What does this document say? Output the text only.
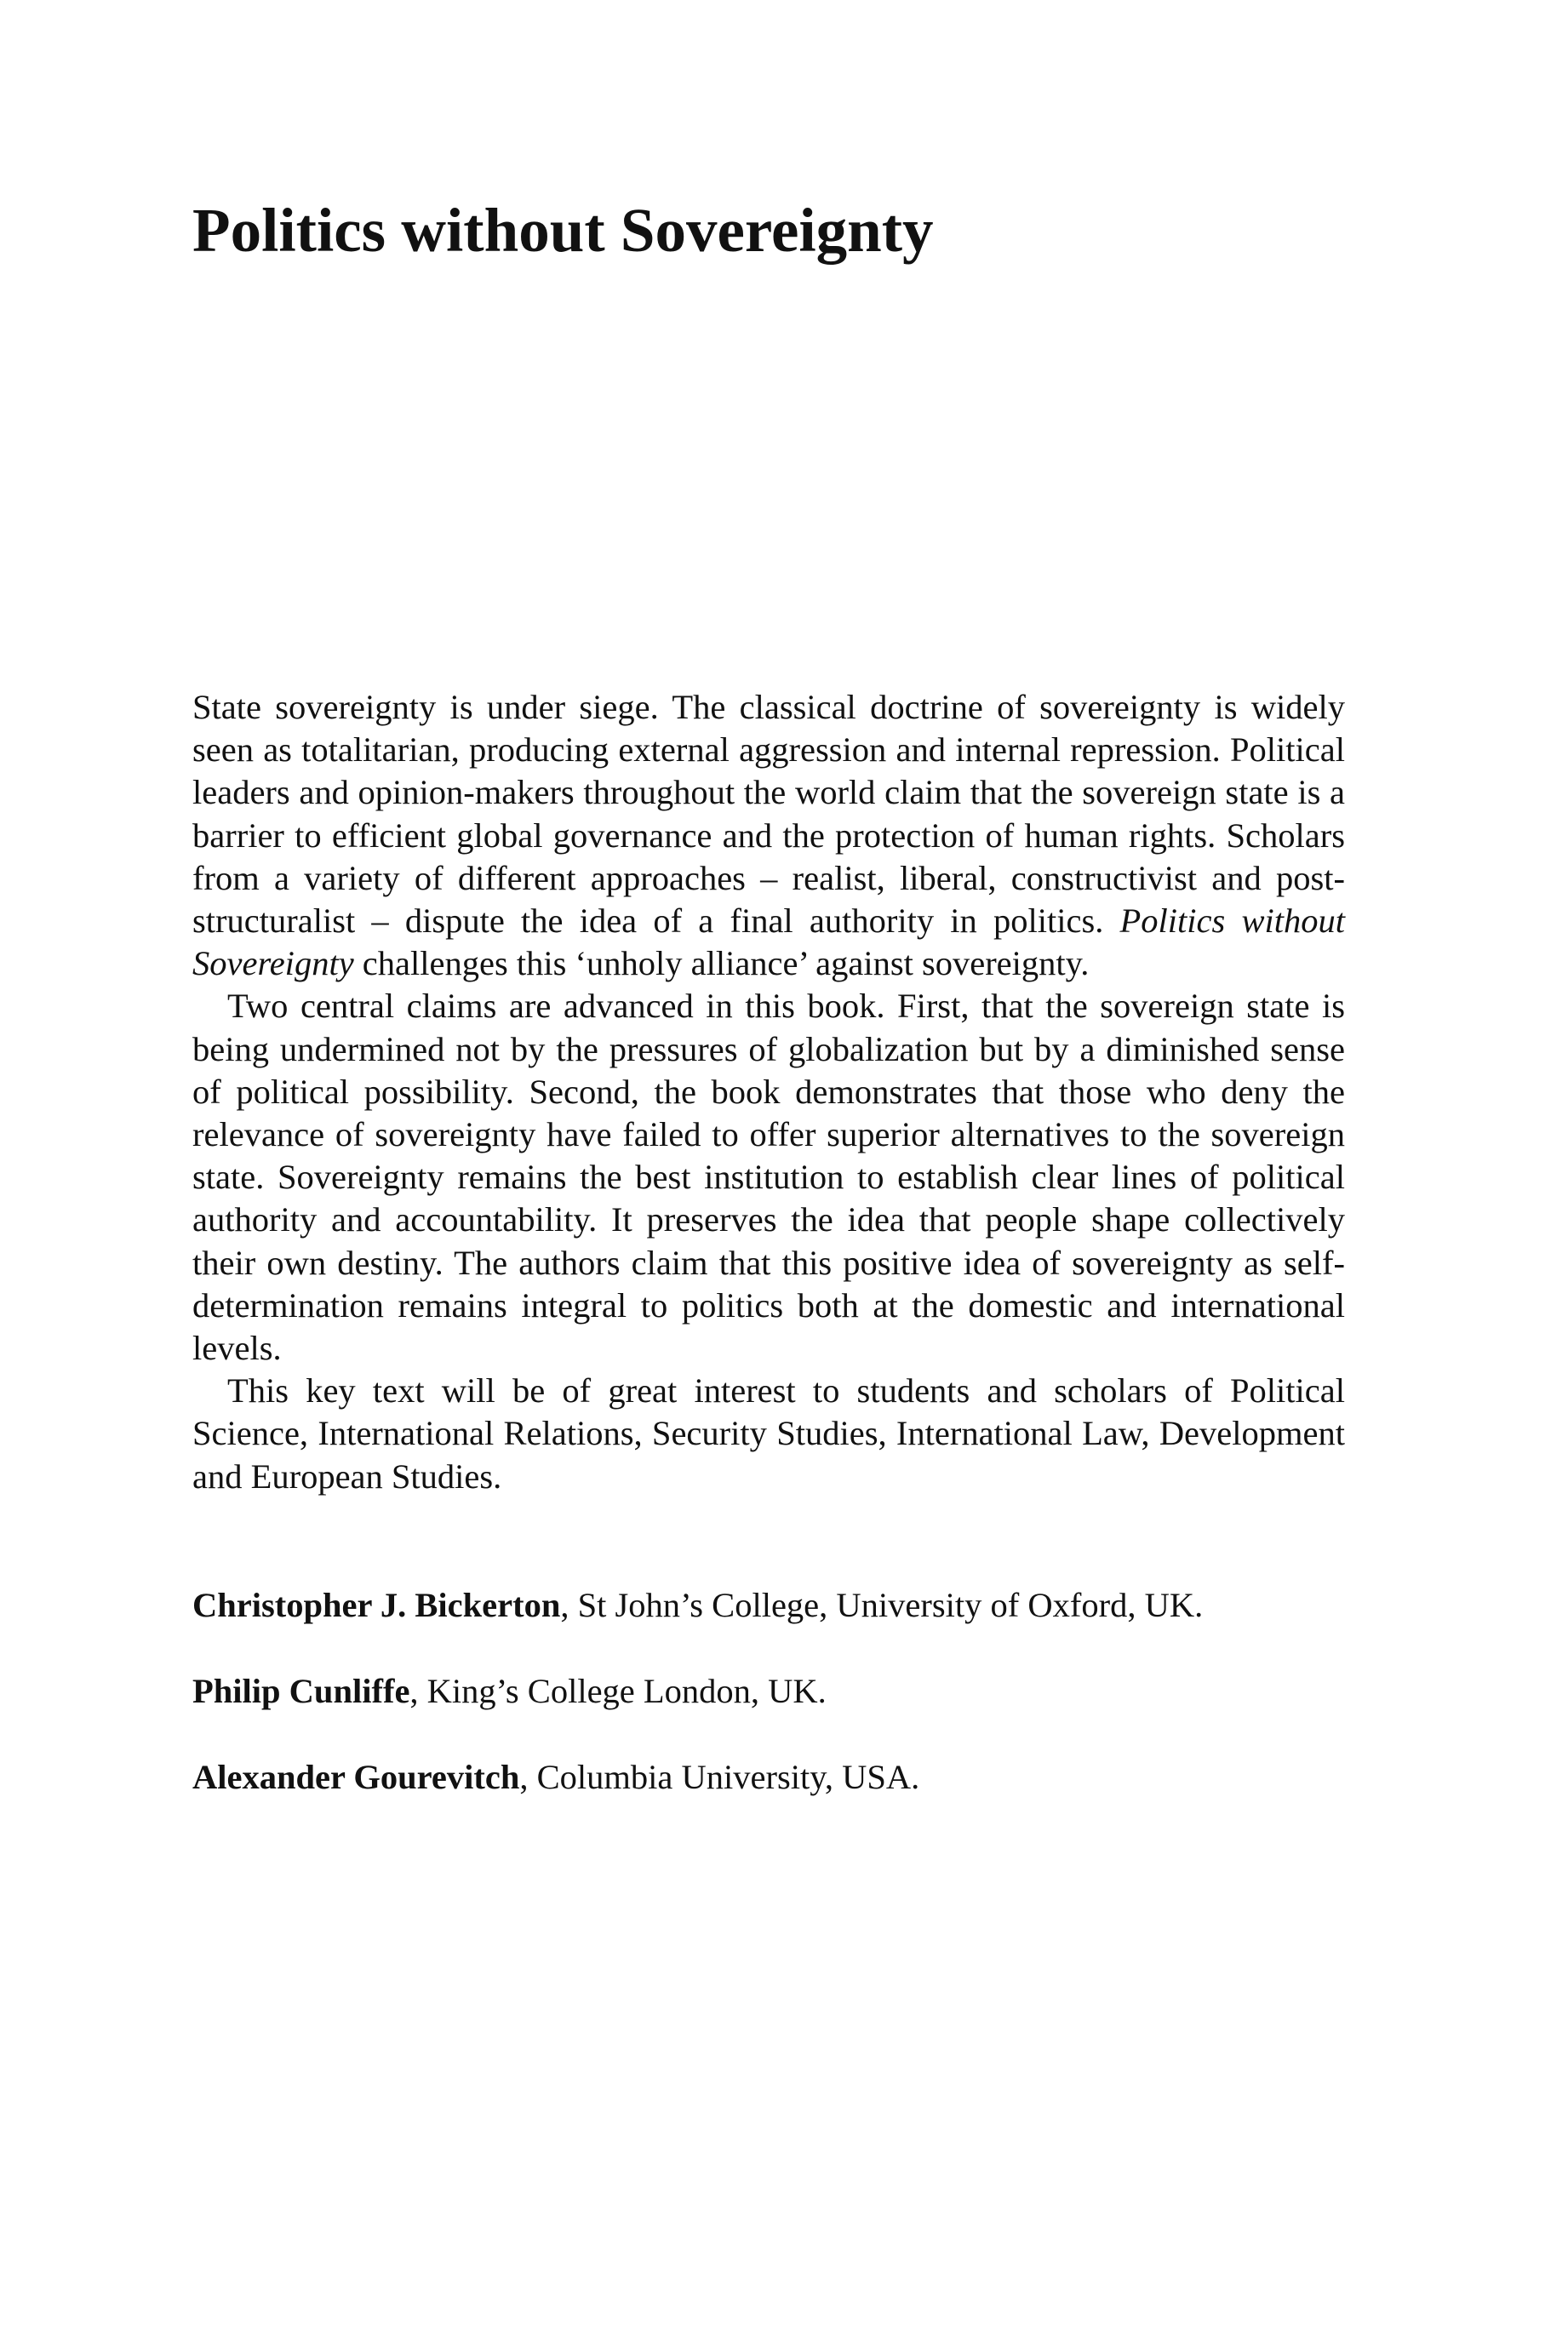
Politics without Sovereignty

State sovereignty is under siege. The classical doctrine of sovereignty is widely seen as totalitarian, producing external aggression and internal repression. Political leaders and opinion-makers throughout the world claim that the sovereign state is a barrier to efficient global governance and the protection of human rights. Scholars from a variety of different approaches – realist, liberal, constructivist and post-structuralist – dispute the idea of a final authority in politics. Politics without Sovereignty challenges this ‘unholy alliance’ against sovereignty.

Two central claims are advanced in this book. First, that the sovereign state is being undermined not by the pressures of globalization but by a diminished sense of political possibility. Second, the book demonstrates that those who deny the relevance of sovereignty have failed to offer superior alternatives to the sovereign state. Sovereignty remains the best institution to establish clear lines of political authority and accountability. It preserves the idea that people shape collectively their own destiny. The authors claim that this positive idea of sovereignty as self-determination remains integral to politics both at the domestic and international levels.

This key text will be of great interest to students and scholars of Political Science, International Relations, Security Studies, International Law, Development and European Studies.

Christopher J. Bickerton, St John’s College, University of Oxford, UK.

Philip Cunliffe, King’s College London, UK.

Alexander Gourevitch, Columbia University, USA.
